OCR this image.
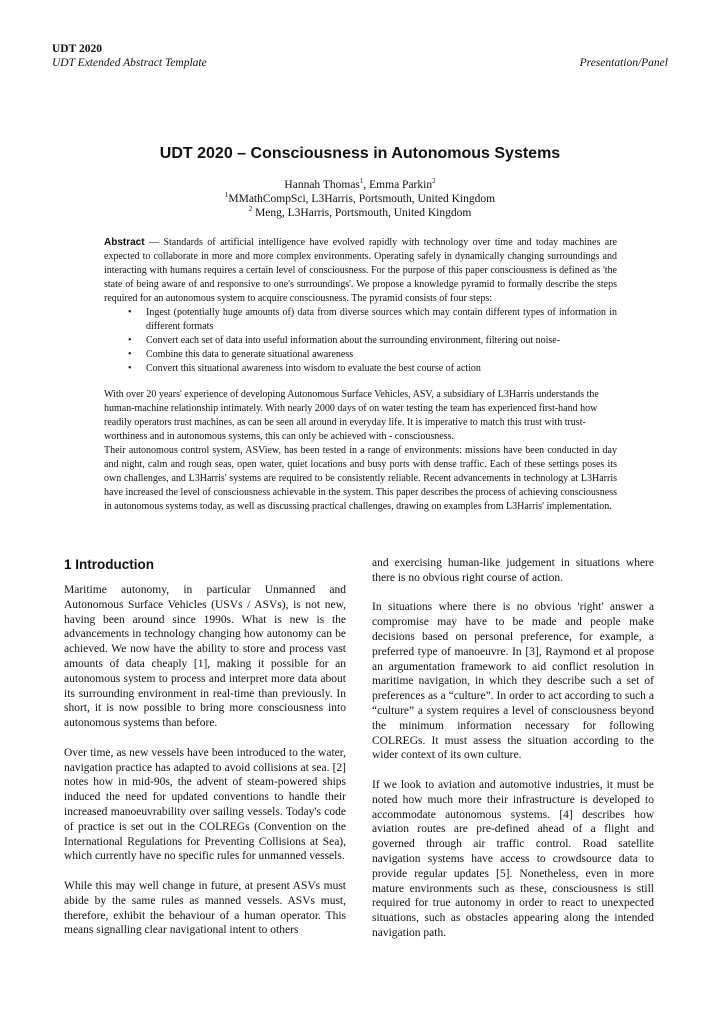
UDT 2020
UDT Extended Abstract Template	Presentation/Panel
UDT 2020 – Consciousness in Autonomous Systems
Hannah Thomas$^1$, Emma Parkin$^2$
$^1$MMathCompSci, L3Harris, Portsmouth, United Kingdom
$^2$ Meng, L3Harris, Portsmouth, United Kingdom

Abstract — Standards of artificial intelligence have evolved rapidly with technology over time and today machines are expected to collaborate in more and more complex environments. Operating safely in dynamically changing surroundings and interacting with humans requires a certain level of consciousness. For the purpose of this paper consciousness is defined as 'the state of being aware of and responsive to one's surroundings'. We propose a knowledge pyramid to formally describe the steps required for an autonomous system to acquire consciousness. The pyramid consists of four steps:

• Ingest (potentially huge amounts of) data from diverse sources which may contain different types of information in different formats
• Convert each set of data into useful information about the surrounding environment, filtering out noise-
• Combine this data to generate situational awareness
• Convert this situational awareness into wisdom to evaluate the best course of action

With over 20 years' experience of developing Autonomous Surface Vehicles, ASV, a subsidiary of L3Harris understands the human-machine relationship intimately. With nearly 2000 days of on water testing the team has experienced first-hand how readily operators trust machines, as can be seen all around in everyday life. It is imperative to match this trust with trust-worthiness and in autonomous systems, this can only be achieved with - consciousness.

Their autonomous control system, ASView, has been tested in a range of environments: missions have been conducted in day and night, calm and rough seas, open water, quiet locations and busy ports with dense traffic. Each of these settings poses its own challenges, and L3Harris' systems are required to be consistently reliable. Recent advancements in technology at L3Harris have increased the level of consciousness achievable in the system. This paper describes the process of achieving consciousness in autonomous systems today, as well as discussing practical challenges, drawing on examples from L3Harris' implementation.

1 Introduction

Maritime autonomy, in particular Unmanned and Autonomous Surface Vehicles (USVs / ASVs), is not new, having been around since 1990s. What is new is the advancements in technology changing how autonomy can be achieved. We now have the ability to store and process vast amounts of data cheaply [1], making it possible for an autonomous system to process and interpret more data about its surrounding environment in real-time than previously. In short, it is now possible to bring more consciousness into autonomous systems than before.

Over time, as new vessels have been introduced to the water, navigation practice has adapted to avoid collisions at sea. [2] notes how in mid-90s, the advent of steam-powered ships induced the need for updated conventions to handle their increased manoeuvrability over sailing vessels. Today's code of practice is set out in the COLREGs (Convention on the International Regulations for Preventing Collisions at Sea), which currently have no specific rules for unmanned vessels.

While this may well change in future, at present ASVs must abide by the same rules as manned vessels. ASVs must, therefore, exhibit the behaviour of a human operator. This means signalling clear navigational intent to others

and exercising human-like judgement in situations where there is no obvious right course of action.

In situations where there is no obvious 'right' answer a compromise may have to be made and people make decisions based on personal preference, for example, a preferred type of manoeuvre. In [3], Raymond et al propose an argumentation framework to aid conflict resolution in maritime navigation, in which they describe such a set of preferences as a “culture”. In order to act according to such a “culture” a system requires a level of consciousness beyond the minimum information necessary for following COLREGs. It must assess the situation according to the wider context of its own culture.

If we look to aviation and automotive industries, it must be noted how much more their infrastructure is developed to accommodate autonomous systems. [4] describes how aviation routes are pre-defined ahead of a flight and governed through air traffic control. Road satellite navigation systems have access to crowdsource data to provide regular updates [5]. Nonetheless, even in more mature environments such as these, consciousness is still required for true autonomy in order to react to unexpected situations, such as obstacles appearing along the intended navigation path.
